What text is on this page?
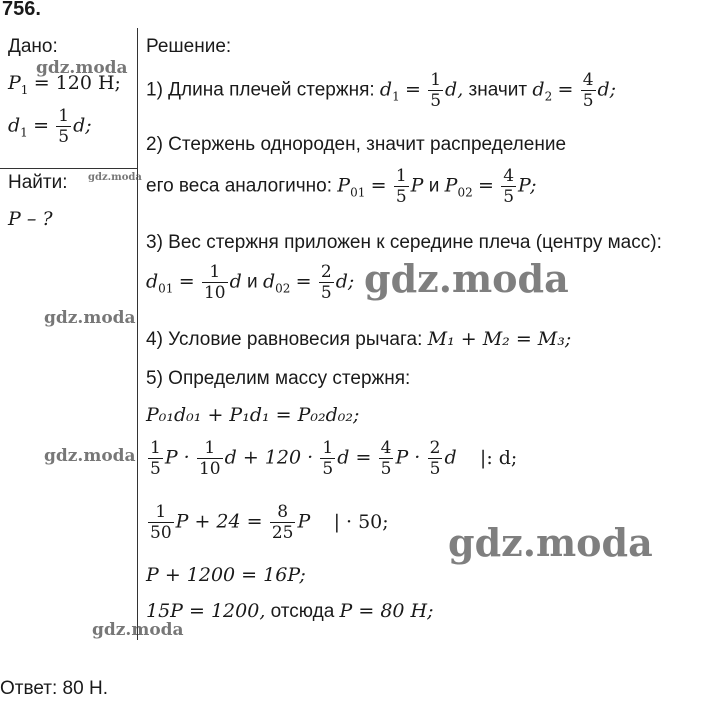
756.
Дано:
$P_1 = 120$ Н;
$d_1 = \frac{1}{5} d$;
Найти:
P – ?
Решение:
1) Длина плечей стержня: $d_1 = \frac{1}{5} d$, значит $d_2 = \frac{4}{5} d$;
2) Стержень однороден, значит распределение
его веса аналогично: $P_{01} = \frac{1}{5}$ P и $P_{02} = \frac{4}{5} P$;
3) Вес стержня приложен к середине плеча (центру масс):
$d_{01} = \frac{1}{10}$ d и $d_{02} = \frac{2}{5} d$;
4) Условие равновесия рычага: M₁ + M₂ = M₃;
5) Определим массу стержня:
P₀₁d₀₁ + P₁d₁ = P₀₂d₀₂;
$\frac{1}{5}$ $P \cdot \frac{1}{10}$ $d + 120 \cdot \frac{1}{5}$ $d = \frac{4}{5}$ $P \cdot \frac{2}{5}$ d |: d;
$\frac{1}{50}$ $P + 24 = \frac{8}{25}$ P | · 50;
P + 1200 = 16P;
15P = 1200, отсюда P = 80 Н;
Ответ: 80 Н.
gdz.moda
gdz.moda
gdz.moda
gdz.moda
gdz.moda
gdz.moda
gdz.moda
